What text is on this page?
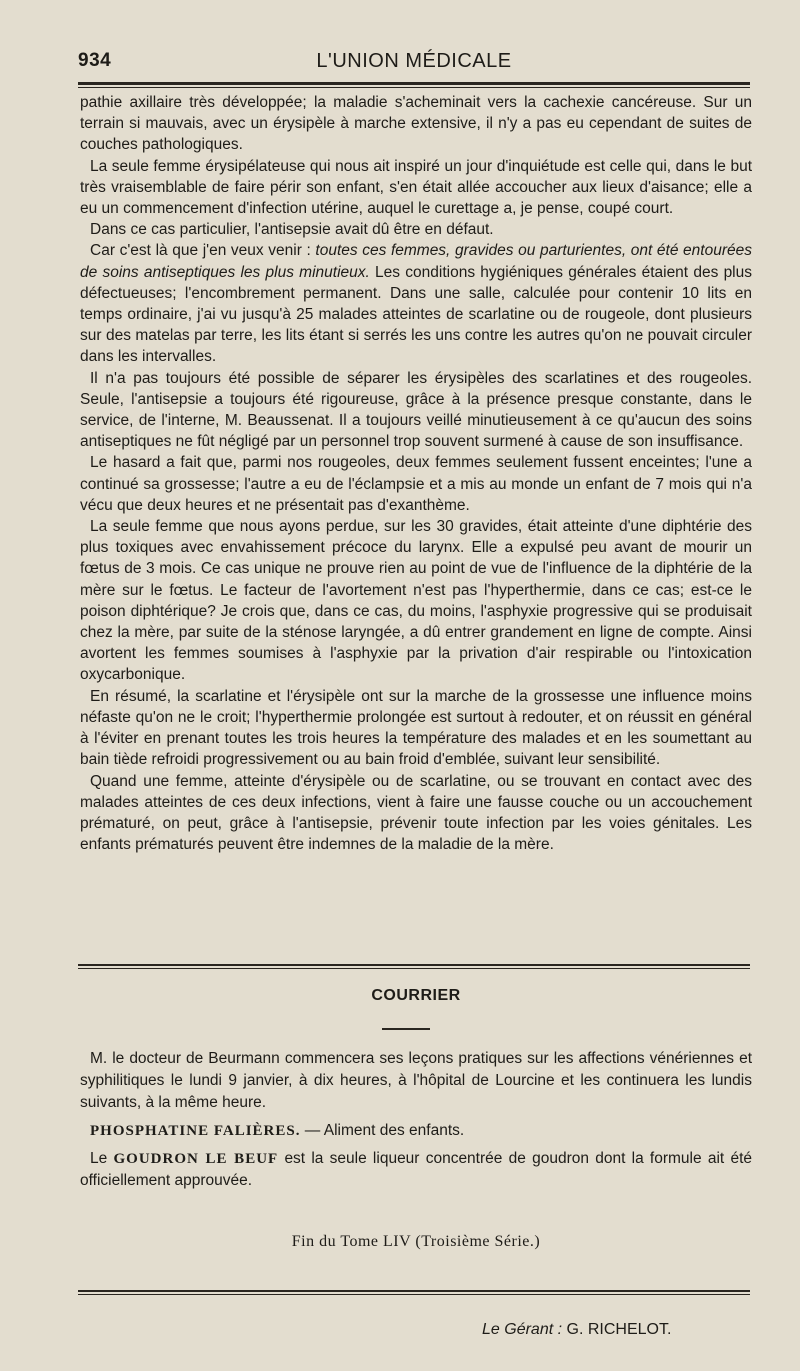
934	L'UNION MÉDICALE

pathie axillaire très développée; la maladie s'acheminait vers la cachexie cancéreuse. Sur un terrain si mauvais, avec un érysipèle à marche extensive, il n'y a pas eu cependant de suites de couches pathologiques.

La seule femme érysipélateuse qui nous ait inspiré un jour d'inquiétude est celle qui, dans le but très vraisemblable de faire périr son enfant, s'en était allée accoucher aux lieux d'aisance; elle a eu un commencement d'infection utérine, auquel le curettage a, je pense, coupé court.

Dans ce cas particulier, l'antisepsie avait dû être en défaut.

Car c'est là que j'en veux venir : toutes ces femmes, gravides ou parturientes, ont été entourées de soins antiseptiques les plus minutieux. Les conditions hygiéniques générales étaient des plus défectueuses; l'encombrement permanent. Dans une salle, calculée pour contenir 10 lits en temps ordinaire, j'ai vu jusqu'à 25 malades atteintes de scarlatine ou de rougeole, dont plusieurs sur des matelas par terre, les lits étant si serrés les uns contre les autres qu'on ne pouvait circuler dans les intervalles.

Il n'a pas toujours été possible de séparer les érysipèles des scarlatines et des rougeoles. Seule, l'antisepsie a toujours été rigoureuse, grâce à la présence presque constante, dans le service, de l'interne, M. Beaussenat. Il a toujours veillé minutieusement à ce qu'aucun des soins antiseptiques ne fût négligé par un personnel trop souvent surmené à cause de son insuffisance.

Le hasard a fait que, parmi nos rougeoles, deux femmes seulement fussent enceintes; l'une a continué sa grossesse; l'autre a eu de l'éclampsie et a mis au monde un enfant de 7 mois qui n'a vécu que deux heures et ne présentait pas d'exanthème.

La seule femme que nous ayons perdue, sur les 30 gravides, était atteinte d'une diphtérie des plus toxiques avec envahissement précoce du larynx. Elle a expulsé peu avant de mourir un fœtus de 3 mois. Ce cas unique ne prouve rien au point de vue de l'influence de la diphtérie de la mère sur le fœtus. Le facteur de l'avortement n'est pas l'hyperthermie, dans ce cas; est-ce le poison diphtérique? Je crois que, dans ce cas, du moins, l'asphyxie progressive qui se produisait chez la mère, par suite de la sténose laryngée, a dû entrer grandement en ligne de compte. Ainsi avortent les femmes soumises à l'asphyxie par la privation d'air respirable ou l'intoxication oxycarbonique.

En résumé, la scarlatine et l'érysipèle ont sur la marche de la grossesse une influence moins néfaste qu'on ne le croit; l'hyperthermie prolongée est surtout à redouter, et on réussit en général à l'éviter en prenant toutes les trois heures la température des malades et en les soumettant au bain tiède refroidi progressivement ou au bain froid d'emblée, suivant leur sensibilité.

Quand une femme, atteinte d'érysipèle ou de scarlatine, ou se trouvant en contact avec des malades atteintes de ces deux infections, vient à faire une fausse couche ou un accouchement prématuré, on peut, grâce à l'antisepsie, prévenir toute infection par les voies génitales. Les enfants prématurés peuvent être indemnes de la maladie de la mère.

COURRIER

M. le docteur de Beurmann commencera ses leçons pratiques sur les affections vénériennes et syphilitiques le lundi 9 janvier, à dix heures, à l'hôpital de Lourcine et les continuera les lundis suivants, à la même heure.

PHOSPHATINE FALIÈRES. — Aliment des enfants.

Le GOUDRON LE BEUF est la seule liqueur concentrée de goudron dont la formule ait été officiellement approuvée.

Fin du Tome LIV (Troisième Série.)
Le Gérant : G. RICHELOT.
